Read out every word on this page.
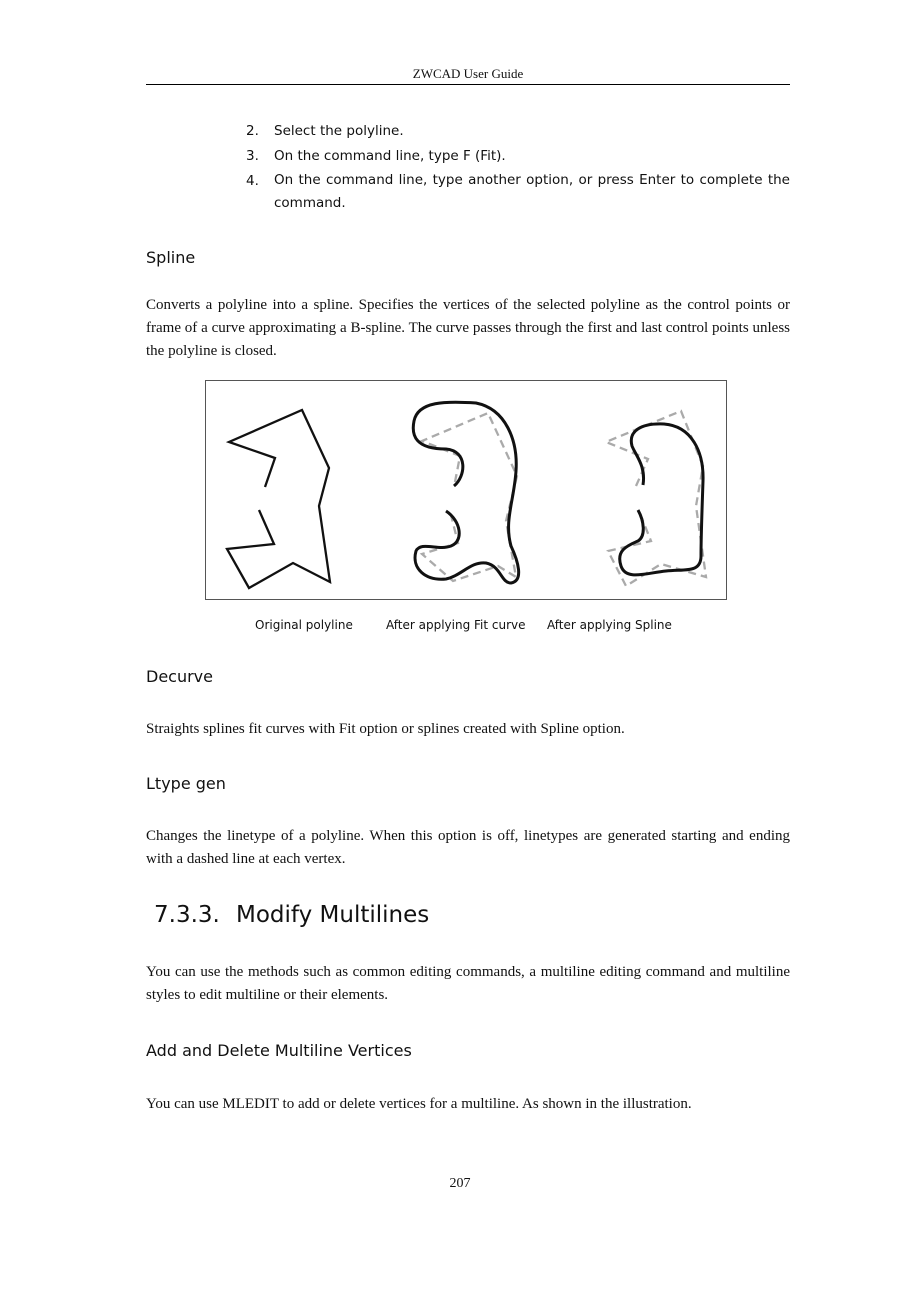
ZWCAD User Guide
2. Select the polyline.
3. On the command line, type F (Fit).
4. On the command line, type another option, or press Enter to complete the command.
Spline
Converts a polyline into a spline. Specifies the vertices of the selected polyline as the control points or frame of a curve approximating a B-spline. The curve passes through the first and last control points unless the polyline is closed.
Original polyline	After applying Fit curve After applying Spline
Decurve
Straights splines fit curves with Fit option or splines created with Spline option.
Ltype gen
Changes the linetype of a polyline. When this option is off, linetypes are generated starting and ending with a dashed line at each vertex.
7.3.3. Modify Multilines
You can use the methods such as common editing commands, a multiline editing command and multiline styles to edit multiline or their elements.
Add and Delete Multiline Vertices
You can use MLEDIT to add or delete vertices for a multiline. As shown in the illustration.
207
